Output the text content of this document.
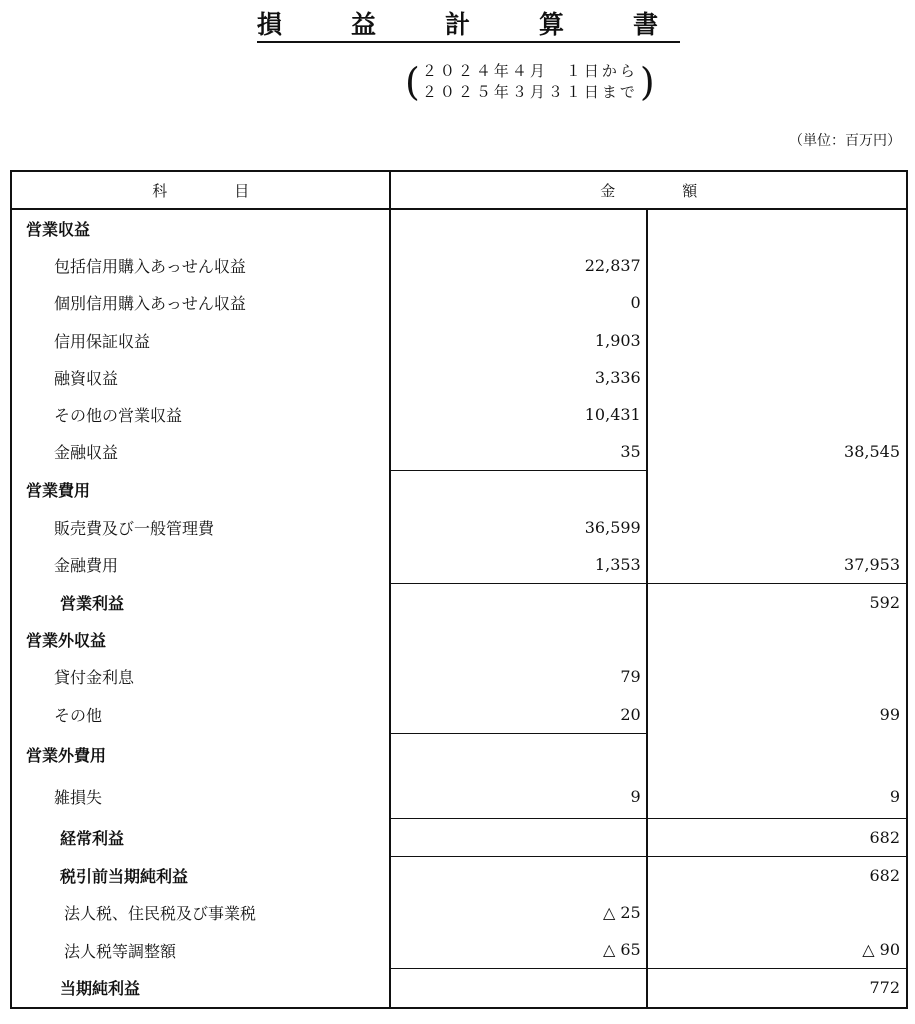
損　益　計　算　書
( ２０２４年４月　１日から
２０２５年３月３１日まで )
（単位：百万円）
科　目	金　額	
営業収益		
包括信用購入あっせん収益	22,837	
個別信用購入あっせん収益	0	
信用保証収益	1,903	
融資収益	3,336	
その他の営業収益	10,431	
金融収益	35	38,545
営業費用		
販売費及び一般管理費	36,599	
金融費用	1,353	37,953
営業利益		592
営業外収益		
貸付金利息	79	
その他	20	99
営業外費用		
雑損失	9	9
経常利益		682
税引前当期純利益		682
法人税、住民税及び事業税	△ 25	
法人税等調整額	△ 65	△ 90
当期純利益		772
